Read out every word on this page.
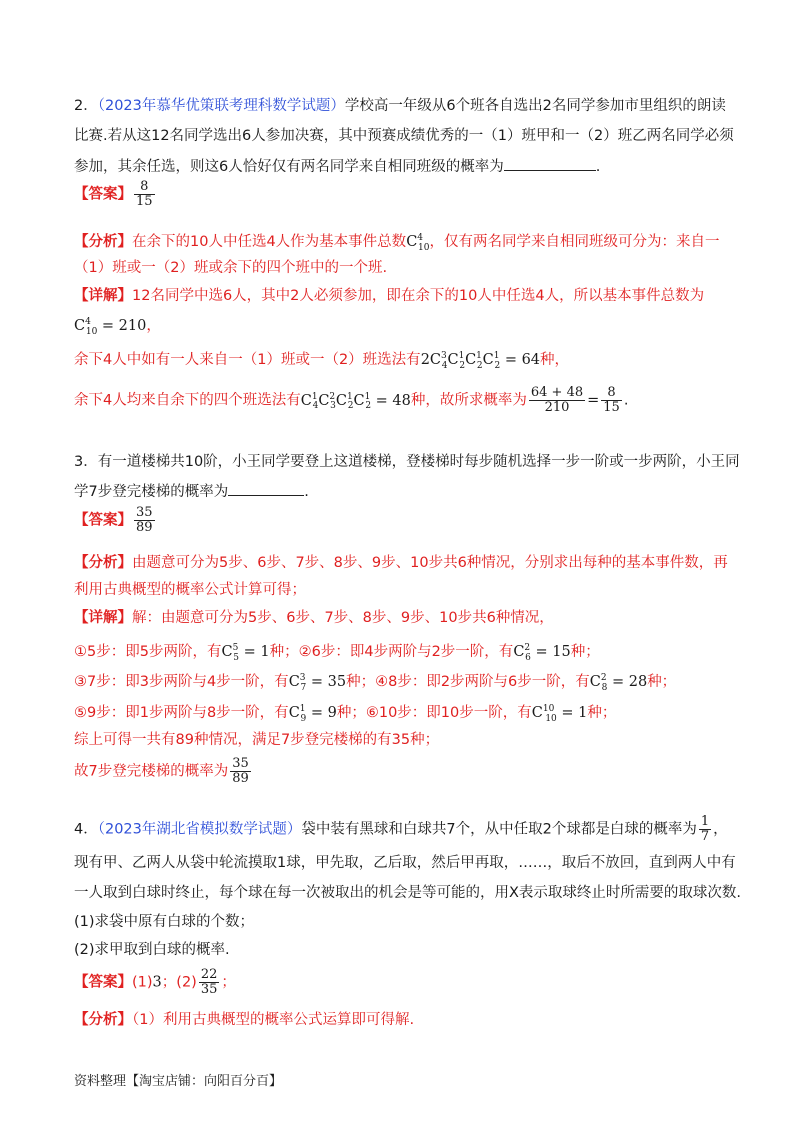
2．（2023年慕华优策联考理科数学试题）学校高一年级从6个班各自选出2名同学参加市里组织的朗读
比赛.若从这12名同学选出6人参加决赛，其中预赛成绩优秀的一（1）班甲和一（2）班乙两名同学必须
参加，其余任选，则这6人恰好仅有两名同学来自相同班级的概率为	.
【答案】 $\frac{8}{15}$
【分析】在余下的10人中任选4人作为基本事件总数$C^4_{10}$，仅有两名同学来自相同班级可分为：来自一
（1）班或一（2）班或余下的四个班中的一个班.
【详解】12名同学中选6人，其中2人必须参加，即在余下的10人中任选4人，所以基本事件总数为
$C^4_{10} = 210$，
余下4人中如有一人来自一（1）班或一（2）班选法有$2C^3_4C^1_2C^1_2C^1_2 = 64$种，
余下4人均来自余下的四个班选法有$C^1_4C^2_3C^1_2C^1_2 = 48$种，故所求概率为 $\frac{64 + 48}{210} = \frac{8}{15}$ .
3．有一道楼梯共10阶，小王同学要登上这道楼梯，登楼梯时每步随机选择一步一阶或一步两阶，小王同
学7步登完楼梯的概率为	.
【答案】 $\frac{35}{89}$
【分析】由题意可分为5步、6步、7步、8步、9步、10步共6种情况，分别求出每种的基本事件数，再
利用古典概型的概率公式计算可得；
【详解】解：由题意可分为5步、6步、7步、8步、9步、10步共6种情况，
①5步：即5步两阶，有$C^5_5 = 1$种；②6步：即4步两阶与2步一阶，有$C^2_6 = 15$种；
③7步：即3步两阶与4步一阶，有$C^3_7 = 35$种；④8步：即2步两阶与6步一阶，有$C^2_8 = 28$种；
⑤9步：即1步两阶与8步一阶，有$C^1_9 = 9$种；⑥10步：即10步一阶，有$C^{10}_{10} = 1$种；
综上可得一共有89种情况，满足7步登完楼梯的有35种；
故7步登完楼梯的概率为 $\frac{35}{89}$
4．（2023年湖北省模拟数学试题）袋中装有黑球和白球共7个，从中任取2个球都是白球的概率为 $\frac{1}{7}$ ，
现有甲、乙两人从袋中轮流摸取1球，甲先取，乙后取，然后甲再取，……，取后不放回，直到两人中有
一人取到白球时终止，每个球在每一次被取出的机会是等可能的，用X表示取球终止时所需要的取球次数.
(1)求袋中原有白球的个数；
(2)求甲取到白球的概率.
【答案】(1)3；$(2) \frac{22}{35}$ ；
【分析】（1）利用古典概型的概率公式运算即可得解.
资料整理【淘宝店铺：向阳百分百】
